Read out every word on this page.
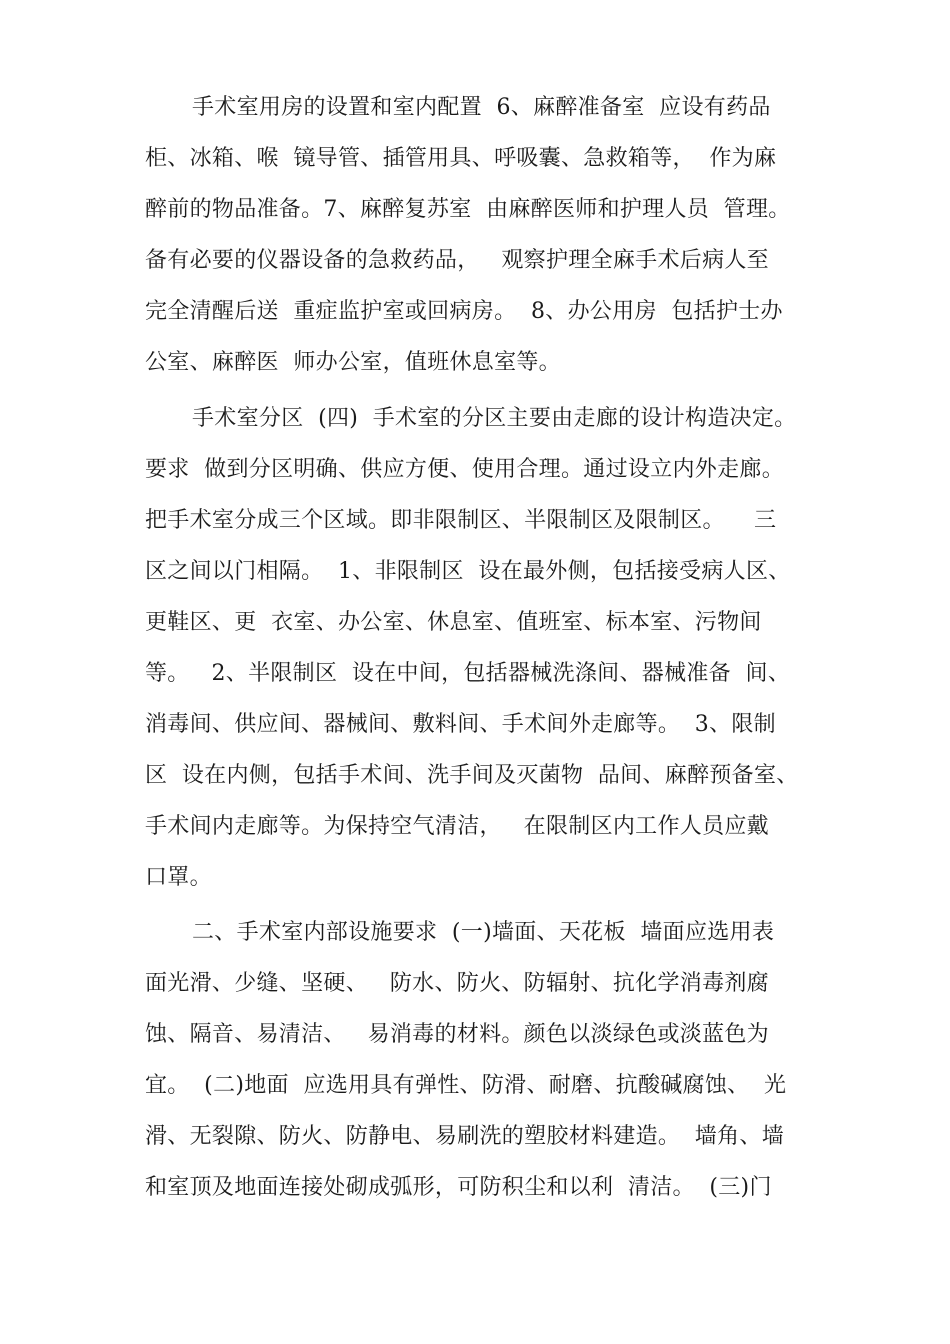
手术室用房的设置和室内配置  6、麻醉准备室  应设有药品
柜、冰箱、喉  镜导管、插管用具、呼吸囊、急救箱等，  作为麻
醉前的物品准备。7、麻醉复苏室  由麻醉医师和护理人员  管理。
备有必要的仪器设备的急救药品，   观察护理全麻手术后病人至
完全清醒后送  重症监护室或回病房。  8、办公用房  包括护士办
公室、麻醉医  师办公室，值班休息室等。
手术室分区  (四)  手术室的分区主要由走廊的设计构造决定。
要求  做到分区明确、供应方便、使用合理。通过设立内外走廊。
把手术室分成三个区域。即非限制区、半限制区及限制区。    三
区之间以门相隔。  1、非限制区  设在最外侧，包括接受病人区、
更鞋区、更  衣室、办公室、休息室、值班室、标本室、污物间
等。   2、半限制区  设在中间，包括器械洗涤间、器械准备  间、
消毒间、供应间、器械间、敷料间、手术间外走廊等。  3、限制
区  设在内侧，包括手术间、洗手间及灭菌物  品间、麻醉预备室、
手术间内走廊等。为保持空气清洁，   在限制区内工作人员应戴
口罩。
二、手术室内部设施要求  (一)墙面、天花板  墙面应选用表
面光滑、少缝、坚硬、   防水、防火、防辐射、抗化学消毒剂腐
蚀、隔音、易清洁、   易消毒的材料。颜色以淡绿色或淡蓝色为
宜。  (二)地面  应选用具有弹性、防滑、耐磨、抗酸碱腐蚀、  光
滑、无裂隙、防火、防静电、易刷洗的塑胶材料建造。  墙角、墙
和室顶及地面连接处砌成弧形，可防积尘和以利  清洁。  (三)门
